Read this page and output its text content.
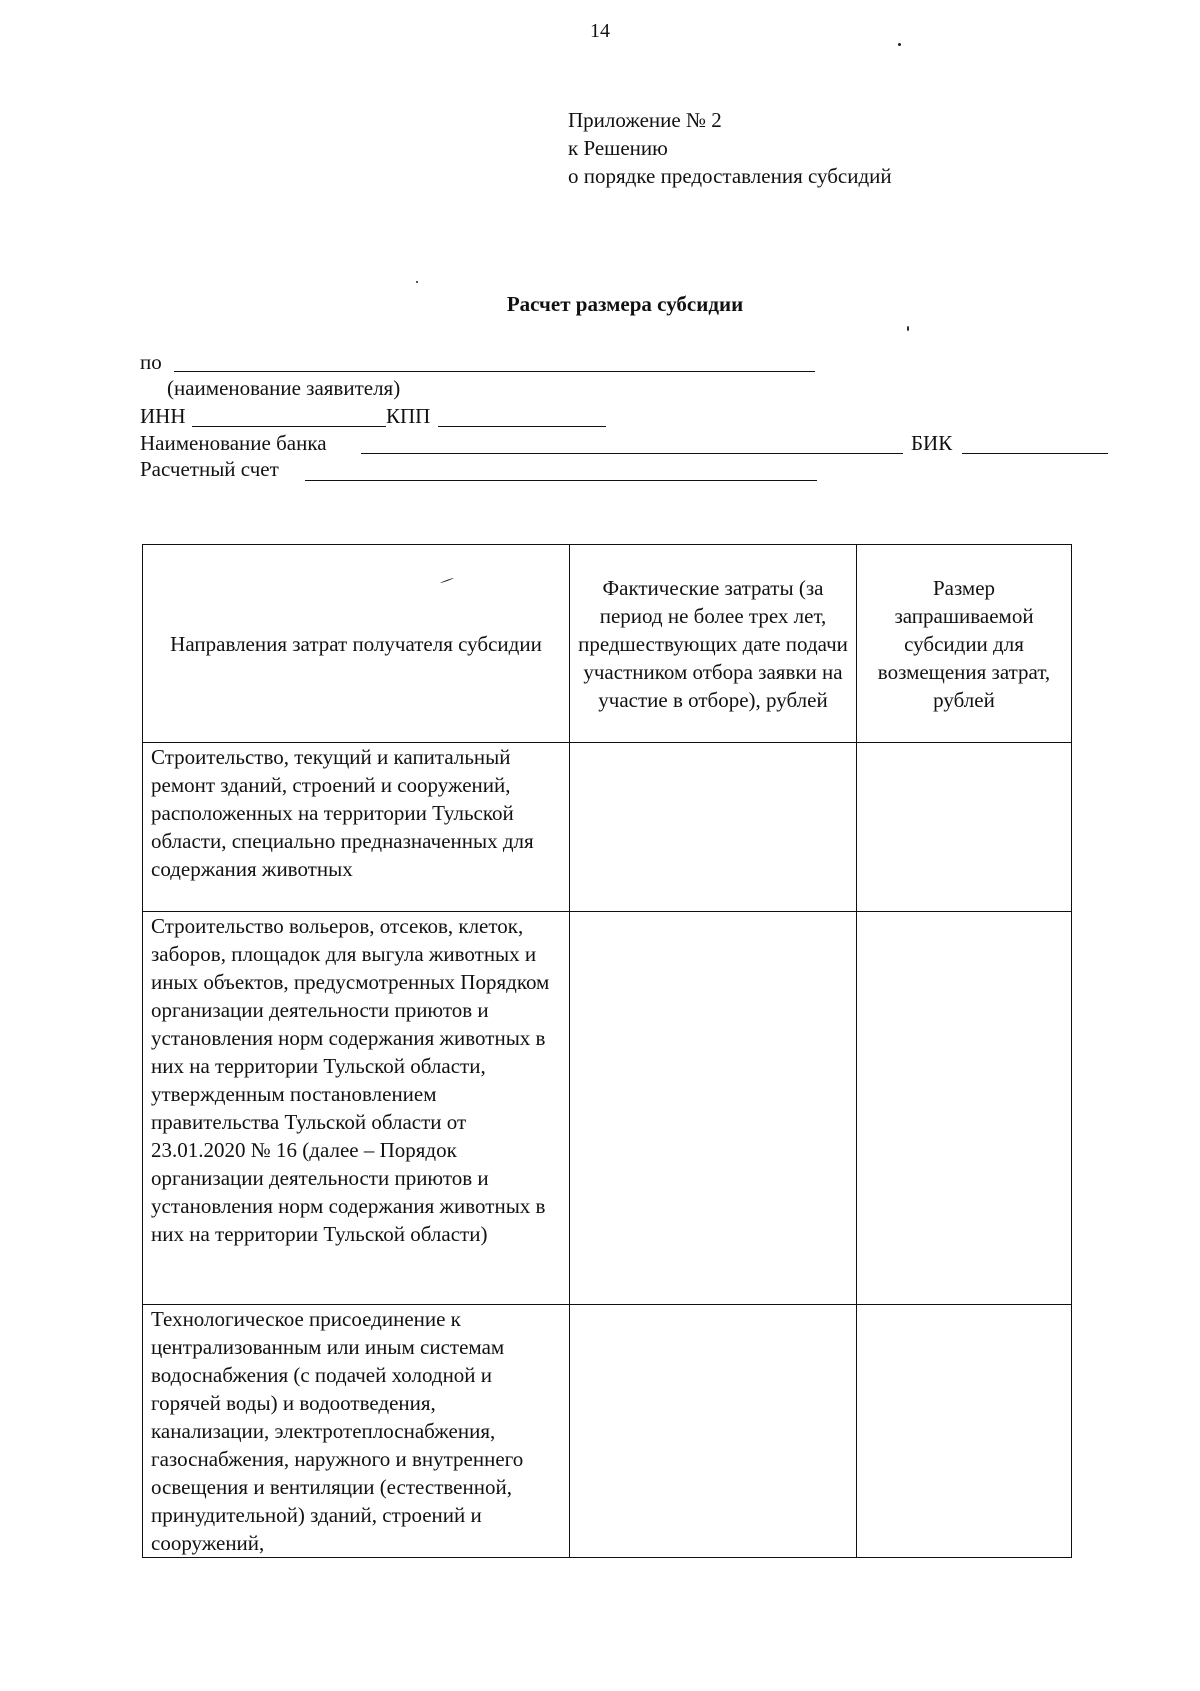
14
Приложение № 2
к Решению
о порядке предоставления субсидий
Расчет размера субсидии
по
(наименование заявителя)
ИНН	КПП
Наименование банка	БИК
Расчетный счет
Направления затрат получателя субсидии	Фактические затраты (за период не более трех лет, предшествующих дате подачи участником отбора заявки на участие в отборе), рублей	Размер запрашиваемой субсидии для возмещения затрат, рублей
Строительство, текущий и капитальный ремонт зданий, строений и сооружений, расположенных на территории Тульской области, специально предназначенных для содержания животных		
Строительство вольеров, отсеков, клеток, заборов, площадок для выгула животных и иных объектов, предусмотренных Порядком организации деятельности приютов и установления норм содержания животных в них на территории Тульской области, утвержденным постановлением правительства Тульской области от 23.01.2020 № 16 (далее – Порядок организации деятельности приютов и установления норм содержания животных в них на территории Тульской области)		
Технологическое присоединение к централизованным или иным системам водоснабжения (с подачей холодной и горячей воды) и водоотведения, канализации, электротеплоснабжения, газоснабжения, наружного и внутреннего освещения и вентиляции (естественной, принудительной) зданий, строений и сооружений,		
